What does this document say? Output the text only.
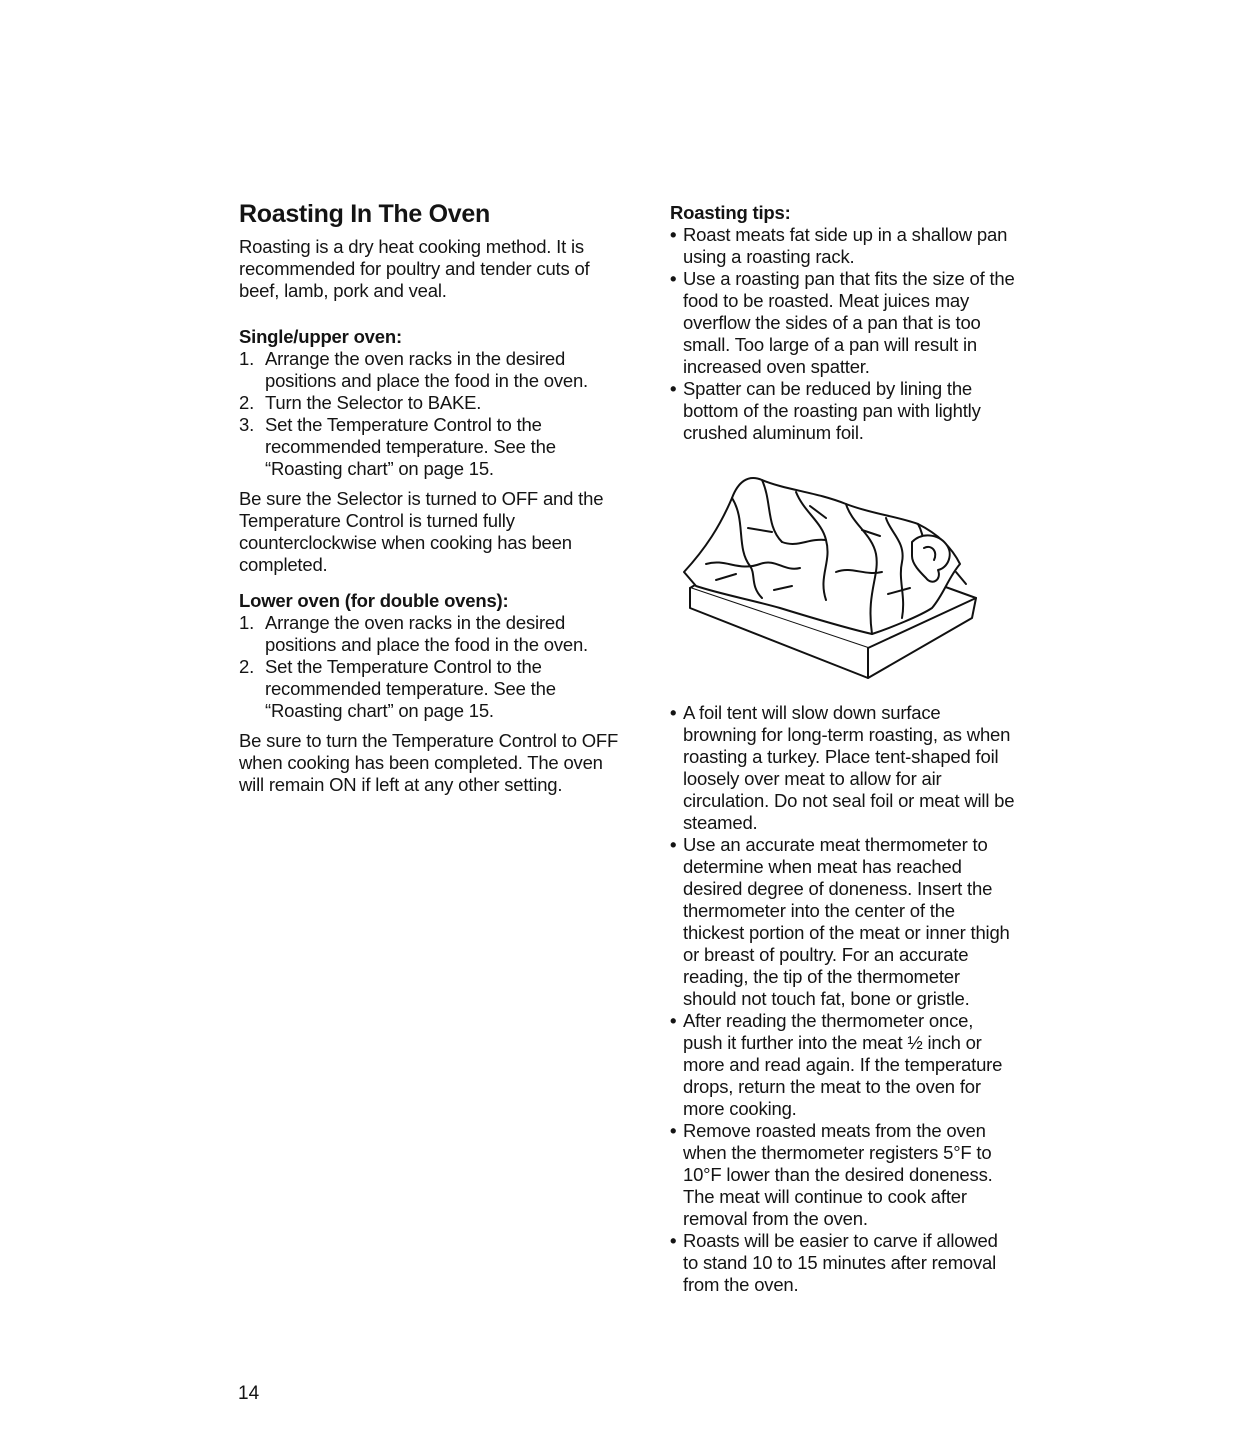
Roasting In The Oven

Roasting is a dry heat cooking method. It is recommended for poultry and tender cuts of beef, lamb, pork and veal.

Single/upper oven:
1. Arrange the oven racks in the desired positions and place the food in the oven.
2. Turn the Selector to BAKE.
3. Set the Temperature Control to the recommended temperature. See the “Roasting chart” on page 15.

Be sure the Selector is turned to OFF and the Temperature Control is turned fully counterclockwise when cooking has been completed.

Lower oven (for double ovens):
1. Arrange the oven racks in the desired positions and place the food in the oven.
2. Set the Temperature Control to the recommended temperature. See the “Roasting chart” on page 15.

Be sure to turn the Temperature Control to OFF when cooking has been completed. The oven will remain ON if left at any other setting.

Roasting tips:
• Roast meats fat side up in a shallow pan using a roasting rack.
• Use a roasting pan that fits the size of the food to be roasted. Meat juices may overflow the sides of a pan that is too small. Too large of a pan will result in increased oven spatter.
• Spatter can be reduced by lining the bottom of the roasting pan with lightly crushed aluminum foil.
• A foil tent will slow down surface browning for long-term roasting, as when roasting a turkey. Place tent-shaped foil loosely over meat to allow for air circulation. Do not seal foil or meat will be steamed.
• Use an accurate meat thermometer to determine when meat has reached desired degree of doneness. Insert the thermometer into the center of the thickest portion of the meat or inner thigh or breast of poultry. For an accurate reading, the tip of the thermometer should not touch fat, bone or gristle.
• After reading the thermometer once, push it further into the meat ½ inch or more and read again. If the temperature drops, return the meat to the oven for more cooking.
• Remove roasted meats from the oven when the thermometer registers 5°F to 10°F lower than the desired doneness. The meat will continue to cook after removal from the oven.
• Roasts will be easier to carve if allowed to stand 10 to 15 minutes after removal from the oven.
14
